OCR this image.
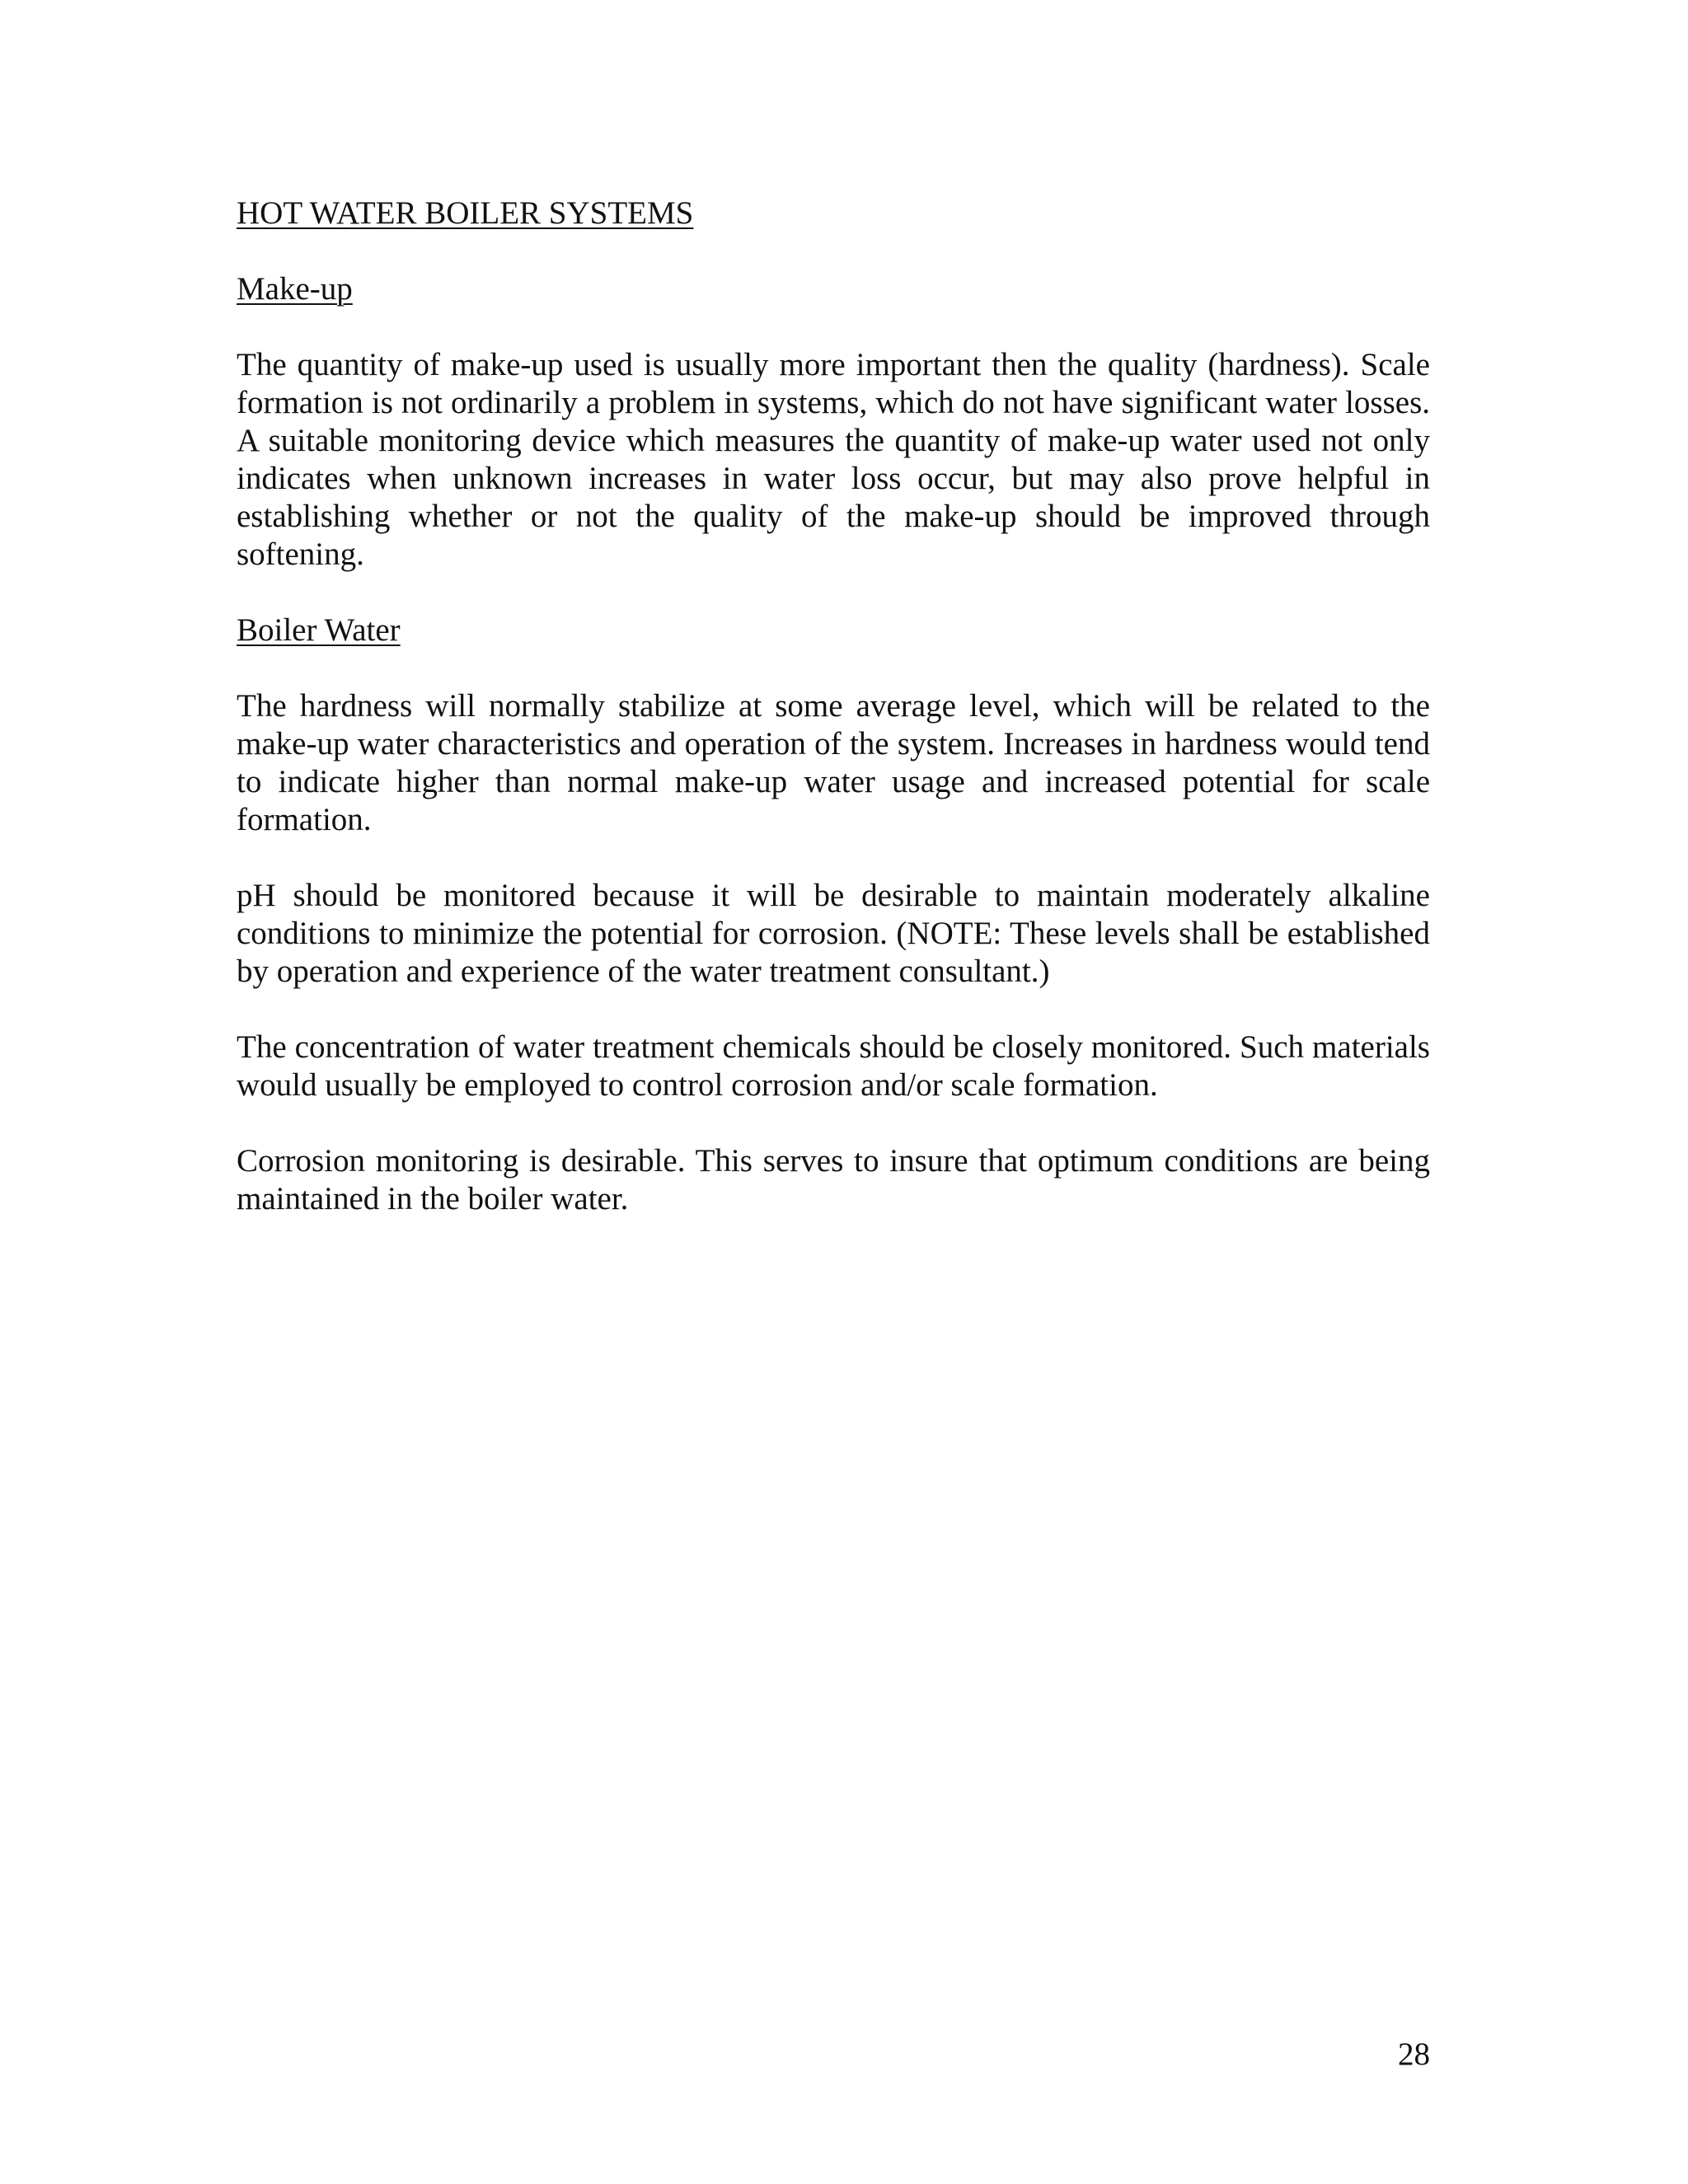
HOT WATER BOILER SYSTEMS
Make-up

The quantity of make-up used is usually more important then the quality (hardness). Scale formation is not ordinarily a problem in systems, which do not have significant water losses. A suitable monitoring device which measures the quantity of make-up water used not only indicates when unknown increases in water loss occur, but may also prove helpful in establishing whether or not the quality of the make-up should be improved through softening.

Boiler Water

The hardness will normally stabilize at some average level, which will be related to the make-up water characteristics and operation of the system. Increases in hardness would tend to indicate higher than normal make-up water usage and increased potential for scale formation.

pH should be monitored because it will be desirable to maintain moderately alkaline conditions to minimize the potential for corrosion. (NOTE: These levels shall be established by operation and experience of the water treatment consultant.)

The concentration of water treatment chemicals should be closely monitored. Such materials would usually be employed to control corrosion and/or scale formation.

Corrosion monitoring is desirable. This serves to insure that optimum conditions are being maintained in the boiler water.

28
